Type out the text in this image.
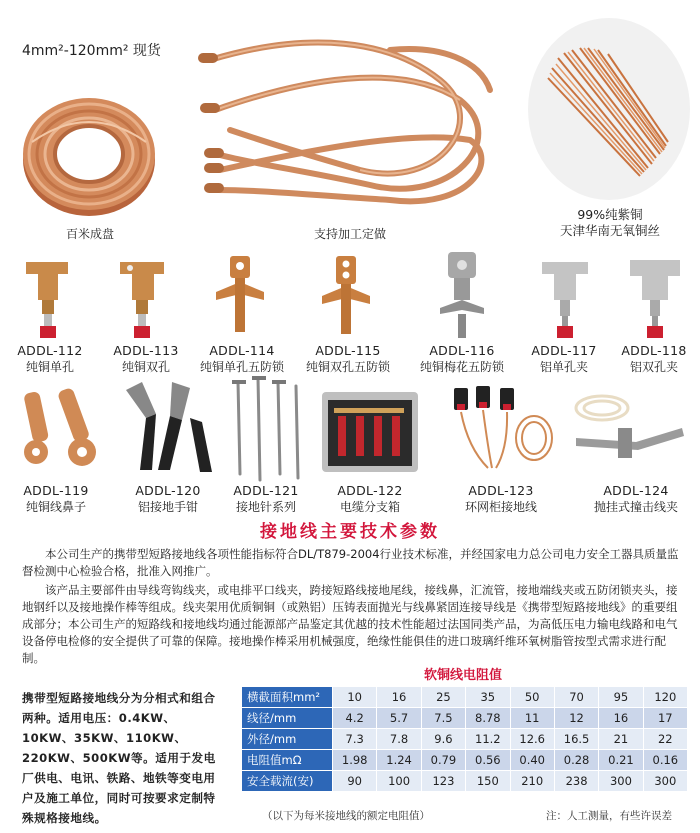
4mm²-120mm² 现货
百米成盘	支持加工定做
99%纯紫铜
天津华南无氧铜丝
ADDL-112
纯铜单孔
ADDL-113
纯铜双孔
ADDL-114
纯铜单孔五防锁
ADDL-115
纯铜双孔五防锁
ADDL-116
纯铜梅花五防锁
ADDL-117
铝单孔夹
ADDL-118
铝双孔夹
ADDL-119
纯铜线鼻子
ADDL-120
铝接地手钳
ADDL-121
接地针系列
ADDL-122
电缆分支箱
ADDL-123
环网柜接地线
ADDL-124
抛挂式撞击线夹
接地线主要技术参数
本公司生产的携带型短路接地线各项性能指标符合DL/T879-2004行业技术标准，并经国家电力总公司电力安全工器具质量监督检测中心检验合格，批准入网推广。
该产品主要部件由导线弯钩线夹，或电排平口线夹，跨接短路线接地尾线，接线鼻，汇流管，接地端线夹或五防闭锁夹头，接地钢纤以及接地操作棒等组成。线夹架用优质铜铜（或熟铝）压铸表面抛光与线鼻紧固连接导线是《携带型短路接地线》的重要组成部分；本公司生产的短路线和接地线均通过能源部产品鉴定其优越的技术性能超过法国同类产品，为高低压电力输电线路和电气设备停电检修的安全提供了可靠的保障。接地操作棒采用机械强度，绝缘性能俱佳的进口玻璃纤维环氧树脂管按型式需求进行配制。
携带型短路接地线分为分相式和组合两种。适用电压：0.4KW、10KW、35KW、110KW、220KW、500KW等。适用于发电厂供电、电讯、铁路、地铁等变电用户及施工单位，同时可按要求定制特殊规格接地线。
软铜线电阻值
横截面积mm²	10	16	25	35	50	70	95	120
线径/mm	4.2	5.7	7.5	8.78	11	12	16	17
外径/mm	7.3	7.8	9.6	11.2	12.6	16.5	21	22
电阻值mΩ	1.98	1.24	0.79	0.56	0.40	0.28	0.21	0.16
安全载流(安)	90	100	123	150	210	238	300	300
（以下为每米接地线的额定电阻值）	注：人工测量，有些许误差
